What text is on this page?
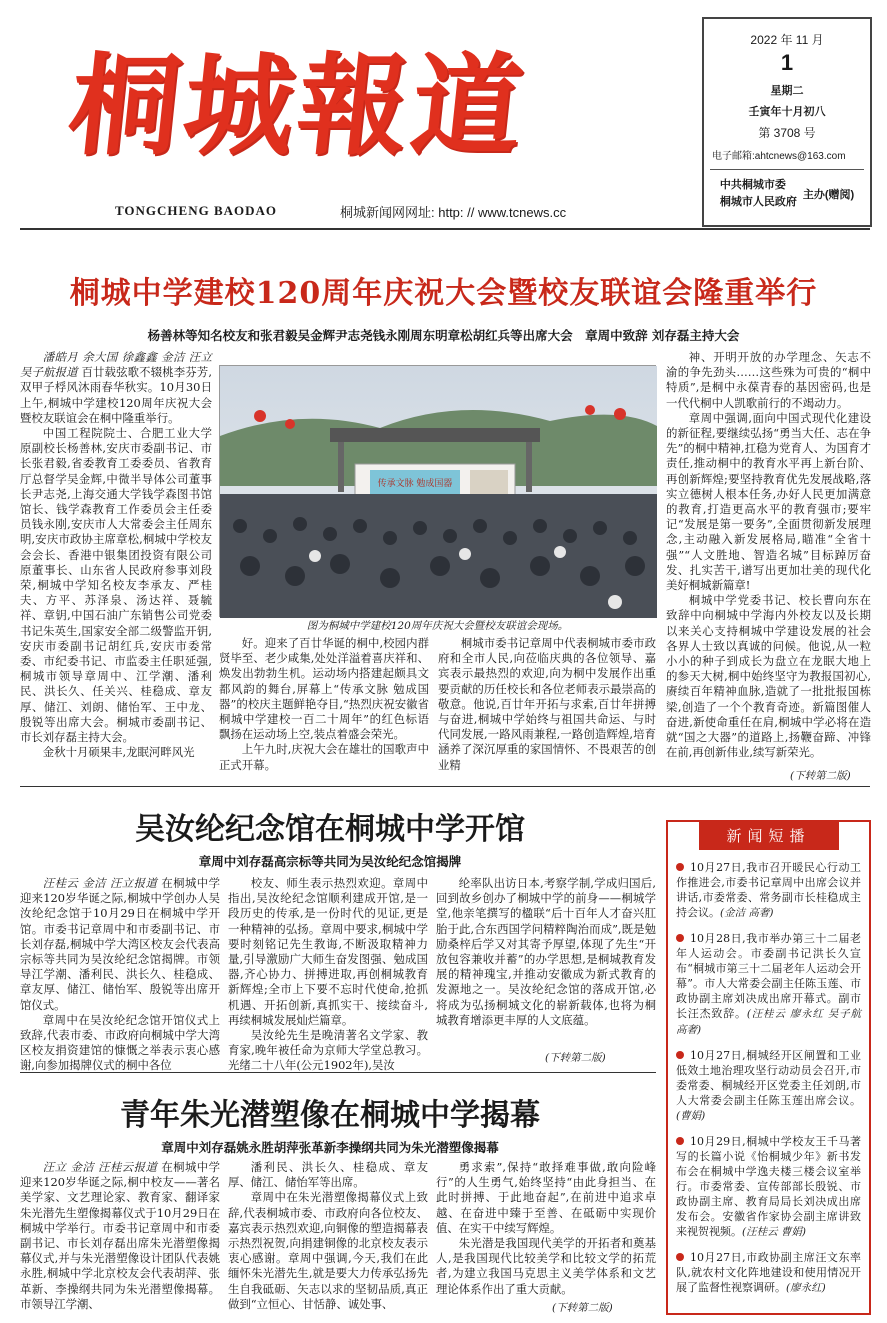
桐城報道
TONGCHENG BAODAO	桐城新闻网网址: http: // www.tcnews.cc
2022 年 11 月
1
星期二
壬寅年十月初八
第 3708 号
电子邮箱:ahtcnews@163.com
中共桐城市委
桐城市人民政府
主办(赠阅)
桐城中学建校120周年庆祝大会暨校友联谊会隆重举行
杨善林等知名校友和张君毅吴金辉尹志尧钱永刚周东明章松胡红兵等出席大会　章周中致辞 刘存磊主持大会

潘皓月 余大国 徐鑫鑫 金洁 汪立 吴子航报道 百廿载弦歌不辍桃李芬芳,双甲子桴风沐雨春华秋实。10月30日上午,桐城中学建校120周年庆祝大会暨校友联谊会在桐中隆重举行。

中国工程院院士、合肥工业大学原副校长杨善林,安庆市委副书记、市长张君毅,省委教育工委委员、省教育厅总督学吴金辉,中微半导体公司董事长尹志尧,上海交通大学钱学森图书馆馆长、钱学森教育工作委员会主任委员钱永刚,安庆市人大常委会主任周东明,安庆市政协主席章松,桐城中学校友会会长、香港中银集团投资有限公司原董事长、山东省人民政府参事刘段荣,桐城中学知名校友李承友、严桂夫、方平、苏泽泉、汤达祥、聂毓祥、章钥,中国石油广东销售公司党委书记朱英生,国家安全部二级警监开钥,安庆市委副书记胡红兵,安庆市委常委、市纪委书记、市监委主任职延强,桐城市领导章周中、江学潮、潘利民、洪长久、任关兴、桂稳成、章友厚、储江、刘朗、储怡军、王中龙、殷锐等出席大会。桐城市委副书记、市长刘存磊主持大会。

金秋十月硕果丰,龙眠河畔风光

传承文脉 勉成国器
图为桐城中学建校120周年庆祝大会暨校友联谊会现场。

好。迎来了百廿华诞的桐中,校园内群贤毕至、老少咸集,处处洋溢着喜庆祥和、焕发出勃勃生机。运动场内搭建起颇具文都风韵的舞台,屏幕上“传承文脉 勉成国器”的校庆主题鲜艳夺目,“热烈庆祝安徽省桐城中学建校一百二十周年”的红色标语飘扬在运动场上空,装点着盛会荣光。

上午九时,庆祝大会在雄壮的国歌声中正式开幕。

桐城市委书记章周中代表桐城市委市政府和全市人民,向莅临庆典的各位领导、嘉宾表示最热烈的欢迎,向为桐中发展作出重要贡献的历任校长和各位老师表示最崇高的敬意。他说,百廿年开拓与求索,百廿年拼搏与奋进,桐城中学始终与祖国共命运、与时代同发展,一路风雨兼程,一路创造辉煌,培育涵养了深沉厚重的家国情怀、不畏艰苦的创业精

神、开明开放的办学理念、矢志不渝的争先劲头……这些殊为可贵的“桐中特质”,是桐中永葆青春的基因密码,也是一代代桐中人凯歌前行的不竭动力。

章周中强调,面向中国式现代化建设的新征程,要继续弘扬“勇当大任、志在争先”的桐中精神,扛稳为党育人、为国育才责任,推动桐中的教育水平再上新台阶、再创新辉煌;要坚持教育优先发展战略,落实立德树人根本任务,办好人民更加满意的教育,打造更高水平的教育强市;要牢记“发展是第一要务”,全面贯彻新发展理念,主动融入新发展格局,瞄准“全省十强”“人文胜地、智造名城”目标踔厉奋发、扎实苦干,谱写出更加壮美的现代化美好桐城新篇章!

桐城中学党委书记、校长曹向东在致辞中向桐城中学海内外校友以及长期以来关心支持桐城中学建设发展的社会各界人士致以真诚的问候。他说,从一粒小小的种子到成长为盘立在龙眠大地上的参天大树,桐中始终坚守为教报国初心,赓续百年精神血脉,造就了一批批报国栋梁,创造了一个个教育奇迹。新篇图催人奋进,新使命重任在肩,桐城中学必将在造就“国之大器”的道路上,扬鞭奋蹄、冲锋在前,再创新伟业,续写新荣光。

(下转第二版)
吴汝纶纪念馆在桐城中学开馆
章周中刘存磊高宗标等共同为吴汝纶纪念馆揭牌

汪桂云 金洁 汪立报道 在桐城中学迎来120岁华诞之际,桐城中学创办人吴汝纶纪念馆于10月29日在桐城中学开馆。市委书记章周中和市委副书记、市长刘存磊,桐城中学大湾区校友会代表高宗标等共同为吴汝纶纪念馆揭牌。市领导江学潮、潘利民、洪长久、桂稳成、章友厚、储江、储怡军、殷锐等出席开馆仪式。

章周中在吴汝纶纪念馆开馆仪式上致辞,代表市委、市政府向桐城中学大湾区校友捐资建馆的慷慨之举表示衷心感谢,向参加揭牌仪式的桐中各位

校友、师生表示热烈欢迎。章周中指出,吴汝纶纪念馆顺利建成开馆,是一段历史的传承,是一份时代的见证,更是一种精神的弘扬。章周中要求,桐城中学要时刻铭记先生教诲,不断汲取精神力量,引导激励广大师生奋发图强、勉成国器,齐心协力、拼搏进取,再创桐城教育新辉煌;全市上下要不忘时代使命,抢抓机遇、开拓创新,真抓实干、接续奋斗,再续桐城发展灿烂篇章。

吴汝纶先生是晚清著名文学家、教育家,晚年被任命为京师大学堂总教习。光绪二十八年(公元1902年),吴汝

纶率队出访日本,考察学制,学成归国后,回到故乡创办了桐城中学的前身——桐城学堂,他亲笔撰写的楹联“后十百年人才奋兴肛胎于此,合东西国学问精粹陶治而成”,既是勉励桑梓后学又对其寄予厚望,体现了先生“开放包容兼收并蓄”的办学思想,是桐城教育发展的精神瑰宝,并推动安徽成为新式教育的发源地之一。吴汝纶纪念馆的落成开馆,必将成为弘扬桐城文化的崭新载体,也将为桐城教育增添更丰厚的人文底蕴。

(下转第二版)
青年朱光潜塑像在桐城中学揭幕
章周中刘存磊姚永胜胡萍张革新李操纲共同为朱光潜塑像揭幕

汪立 金洁 汪桂云报道 在桐城中学迎来120岁华诞之际,桐中校友——著名美学家、文艺理论家、教育家、翻译家朱光潜先生塑像揭幕仪式于10月29日在桐城中学举行。市委书记章周中和市委副书记、市长刘存磊出席朱光潜塑像揭幕仪式,并与朱光潜塑像设计团队代表姚永胜,桐城中学北京校友会代表胡萍、张革新、李操纲共同为朱光潜塑像揭幕。市领导江学潮、

潘利民、洪长久、桂稳成、章友厚、储江、储怡军等出席。

章周中在朱光潜塑像揭幕仪式上致辞,代表桐城市委、市政府向各位校友、嘉宾表示热烈欢迎,向铜像的塑造揭幕表示热烈祝贺,向捐建铜像的北京校友表示衷心感谢。章周中强调,今天,我们在此缅怀朱光潜先生,就是要大力传承弘扬先生自我砥砺、矢志以求的坚韧品质,真正做到“立恒心、甘恬静、诚处事、

勇求索”,保持“敢择难事做,敢向险峰行”的人生勇气,始终坚持“由此身担当、在此时拼搏、于此地奋起”,在前进中追求卓越、在奋进中臻于至善、在砥砺中实现价值、在实干中续写辉煌。

朱光潜是我国现代美学的开拓者和奠基人,是我国现代比较美学和比较文学的拓荒者,为建立我国马克思主义美学体系和文艺理论体系作出了重大贡献。

(下转第二版)
新闻短播
10月27日,我市召开暖民心行动工作推进会,市委书记章周中出席会议并讲话,市委常委、常务副市长桂稳成主持会议。(金洁 高奢)
10月28日,我市举办第三十二届老年人运动会。市委副书记洪长久宣布“桐城市第三十二届老年人运动会开幕”。市人大常委会副主任陈玉莲、市政协副主席刘决成出席开幕式。副市长汪杰致辞。(汪桂云 廖永红 吴子航 高奢)
10月27日,桐城经开区闸置和工业低效土地治理攻坚行动动员会召开,市委常委、桐城经开区党委主任刘朗,市人大常委会副主任陈玉莲出席会议。(曹娟)
10月29日,桐城中学校友王千马著写的长篇小说《怡桐城少年》新书发布会在桐城中学逸夫楼三楼会议室举行。市委常委、宣传部部长殷锐、市政协副主席、教育局局长刘决成出席发布会。安徽省作家协会副主席讲致来视贺视频。(汪桂云 曹娟)
10月27日,市政协副主席汪文东率队,就农村文化阵地建设和使用情况开展了监督性视察调研。(廖永红)
